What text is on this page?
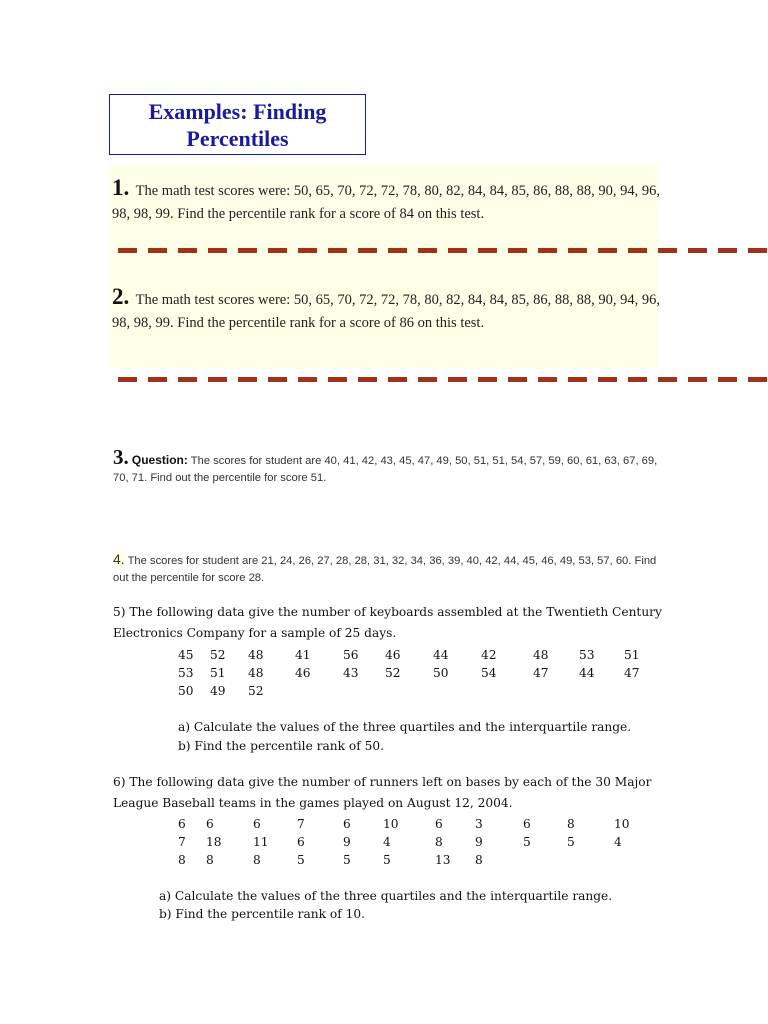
Examples: Finding Percentiles
1. The math test scores were: 50, 65, 70, 72, 72, 78, 80, 82, 84, 84, 85, 86, 88, 88, 90, 94, 96, 98, 98, 99. Find the percentile rank for a score of 84 on this test.
2. The math test scores were: 50, 65, 70, 72, 72, 78, 80, 82, 84, 84, 85, 86, 88, 88, 90, 94, 96, 98, 98, 99. Find the percentile rank for a score of 86 on this test.
3. Question: The scores for student are 40, 41, 42, 43, 45, 47, 49, 50, 51, 51, 54, 57, 59, 60, 61, 63, 67, 69, 70, 71. Find out the percentile for score 51.
4. The scores for student are 21, 24, 26, 27, 28, 28, 31, 32, 34, 36, 39, 40, 42, 44, 45, 46, 49, 53, 57, 60. Find out the percentile for score 28.
5) The following data give the number of keyboards assembled at the Twentieth Century Electronics Company for a sample of 25 days.
45	52	48	41	56	46	44	42	48	53	51
53	51	48	46	43	52	50	54	47	44	47
50	49	52								
a) Calculate the values of the three quartiles and the interquartile range.
b) Find the percentile rank of 50.
6) The following data give the number of runners left on bases by each of the 30 Major League Baseball teams in the games played on August 12, 2004.
6	6	6	7	6	10	6	3	6	8	10
7	18	11	6	9	4	8	9	5	5	4
8	8	8	5	5	5	13	8			
a) Calculate the values of the three quartiles and the interquartile range.
b) Find the percentile rank of 10.
